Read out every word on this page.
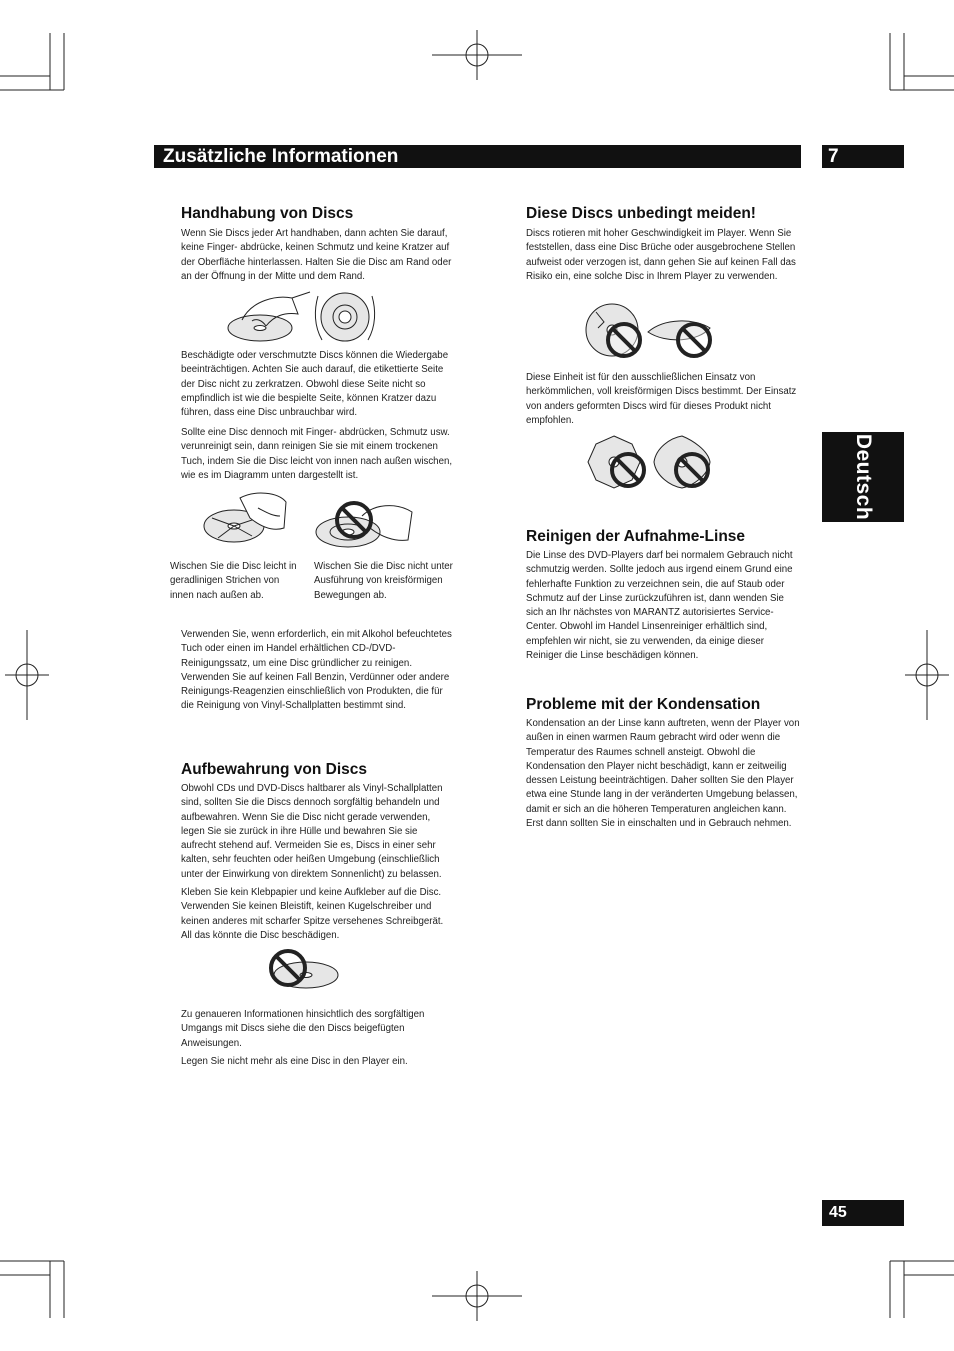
Zusätzliche Informationen	7
Deutsch
Handhabung von Discs

Wenn Sie Discs jeder Art handhaben, dann achten Sie darauf, keine Finger- abdrücke, keinen Schmutz und keine Kratzer auf der Oberfläche hinterlassen. Halten Sie die Disc am Rand oder an der Öffnung in der Mitte und dem Rand.

Beschädigte oder verschmutzte Discs können die Wiedergabe beeinträchtigen. Achten Sie auch darauf, die etikettierte Seite der Disc nicht zu zerkratzen. Obwohl diese Seite nicht so empfindlich ist wie die bespielte Seite, können Kratzer dazu führen, dass eine Disc unbrauchbar wird.

Sollte eine Disc dennoch mit Finger- abdrücken, Schmutz usw. verunreinigt sein, dann reinigen Sie sie mit einem trockenen Tuch, indem Sie die Disc leicht von innen nach außen wischen, wie es im Diagramm unten dargestellt ist.

Wischen Sie die Disc leicht in geradlinigen Strichen von innen nach außen ab.

Wischen Sie die Disc nicht unter Ausführung von kreisförmigen Bewegungen ab.

Verwenden Sie, wenn erforderlich, ein mit Alkohol befeuchtetes Tuch oder einen im Handel erhältlichen CD-/DVD- Reinigungssatz, um eine Disc gründlicher zu reinigen. Verwenden Sie auf keinen Fall Benzin, Verdünner oder andere Reinigungs-Reagenzien einschließlich von Produkten, die für die Reinigung von Vinyl-Schallplatten bestimmt sind.

Aufbewahrung von Discs

Obwohl CDs und DVD-Discs haltbarer als Vinyl-Schallplatten sind, sollten Sie die Discs dennoch sorgfältig behandeln und aufbewahren. Wenn Sie die Disc nicht gerade verwenden, legen Sie sie zurück in ihre Hülle und bewahren Sie sie aufrecht stehend auf. Vermeiden Sie es, Discs in einer sehr kalten, sehr feuchten oder heißen Umgebung (einschließlich unter der Einwirkung von direktem Sonnenlicht) zu belassen.

Kleben Sie kein Klebpapier und keine Aufkleber auf die Disc. Verwenden Sie keinen Bleistift, keinen Kugelschreiber und keinen anderes mit scharfer Spitze versehenes Schreibgerät. All das könnte die Disc beschädigen.

Zu genaueren Informationen hinsichtlich des sorgfältigen Umgangs mit Discs siehe die den Discs beigefügten Anweisungen.

Legen Sie nicht mehr als eine Disc in den Player ein.

Diese Discs unbedingt meiden!

Discs rotieren mit hoher Geschwindigkeit im Player. Wenn Sie feststellen, dass eine Disc Brüche oder ausgebrochene Stellen aufweist oder verzogen ist, dann gehen Sie auf keinen Fall das Risiko ein, eine solche Disc in Ihrem Player zu verwenden.

Diese Einheit ist für den ausschließlichen Einsatz von herkömmlichen, voll kreisförmigen Discs bestimmt. Der Einsatz von anders geformten Discs wird für dieses Produkt nicht empfohlen.

Reinigen der Aufnahme-Linse

Die Linse des DVD-Players darf bei normalem Gebrauch nicht schmutzig werden. Sollte jedoch aus irgend einem Grund eine fehlerhafte Funktion zu verzeichnen sein, die auf Staub oder Schmutz auf der Linse zurückzuführen ist, dann wenden Sie sich an Ihr nächstes von MARANTZ autorisiertes Service-Center. Obwohl im Handel Linsenreiniger erhältlich sind, empfehlen wir nicht, sie zu verwenden, da einige dieser Reiniger die Linse beschädigen können.

Probleme mit der Kondensation

Kondensation an der Linse kann auftreten, wenn der Player von außen in einen warmen Raum gebracht wird oder wenn die Temperatur des Raumes schnell ansteigt. Obwohl die Kondensation den Player nicht beschädigt, kann er zeitweilig dessen Leistung beeinträchtigen. Daher sollten Sie den Player etwa eine Stunde lang in der veränderten Umgebung belassen, damit er sich an die höheren Temperaturen angleichen kann. Erst dann sollten Sie in einschalten und in Gebrauch nehmen.

45
